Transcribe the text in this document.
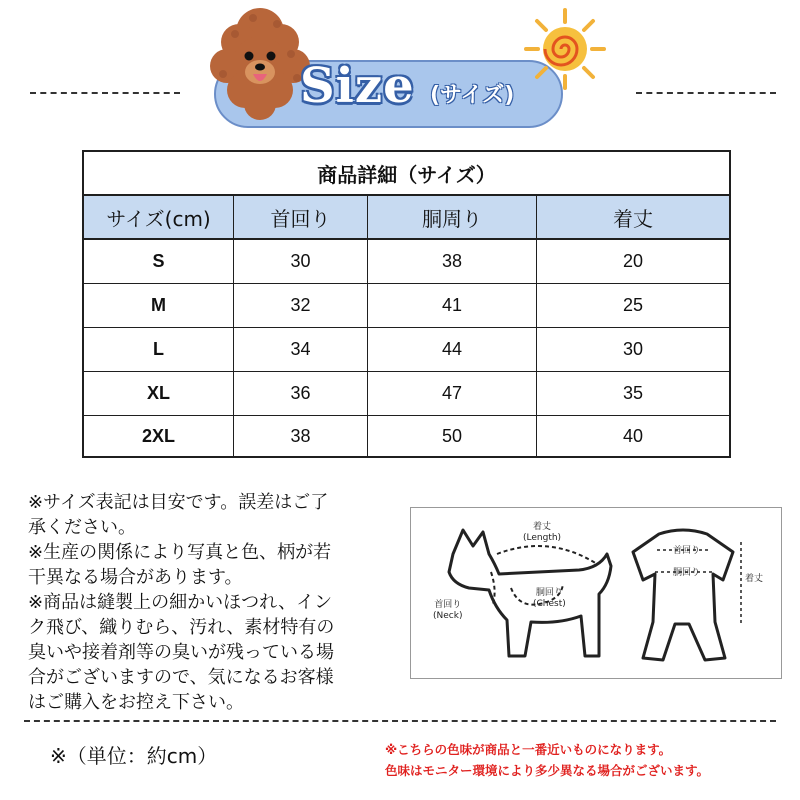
Size (サイズ)
商品詳細（サイズ）
サイズ(cm)	首回り	胴周り	着丈
S	30	38	20
M	32	41	25
L	34	44	30
XL	36	47	35
2XL	38	50	40
※サイズ表記は目安です。誤差はご了
承ください。
※生産の関係により写真と色、柄が若
干異なる場合があります。
※商品は縫製上の細かいほつれ、イン
ク飛び、織りむら、汚れ、素材特有の
臭いや接着剤等の臭いが残っている場
合がございますので、気になるお客様
はご購入をお控え下さい。
着丈
(Length)
首回り
(Neck)
胴回り
(Chest)
首回り
胴回り
着丈
※（単位：約cm）	※こちらの色味が商品と一番近いものになります。
色味はモニター環境により多少異なる場合がございます。
